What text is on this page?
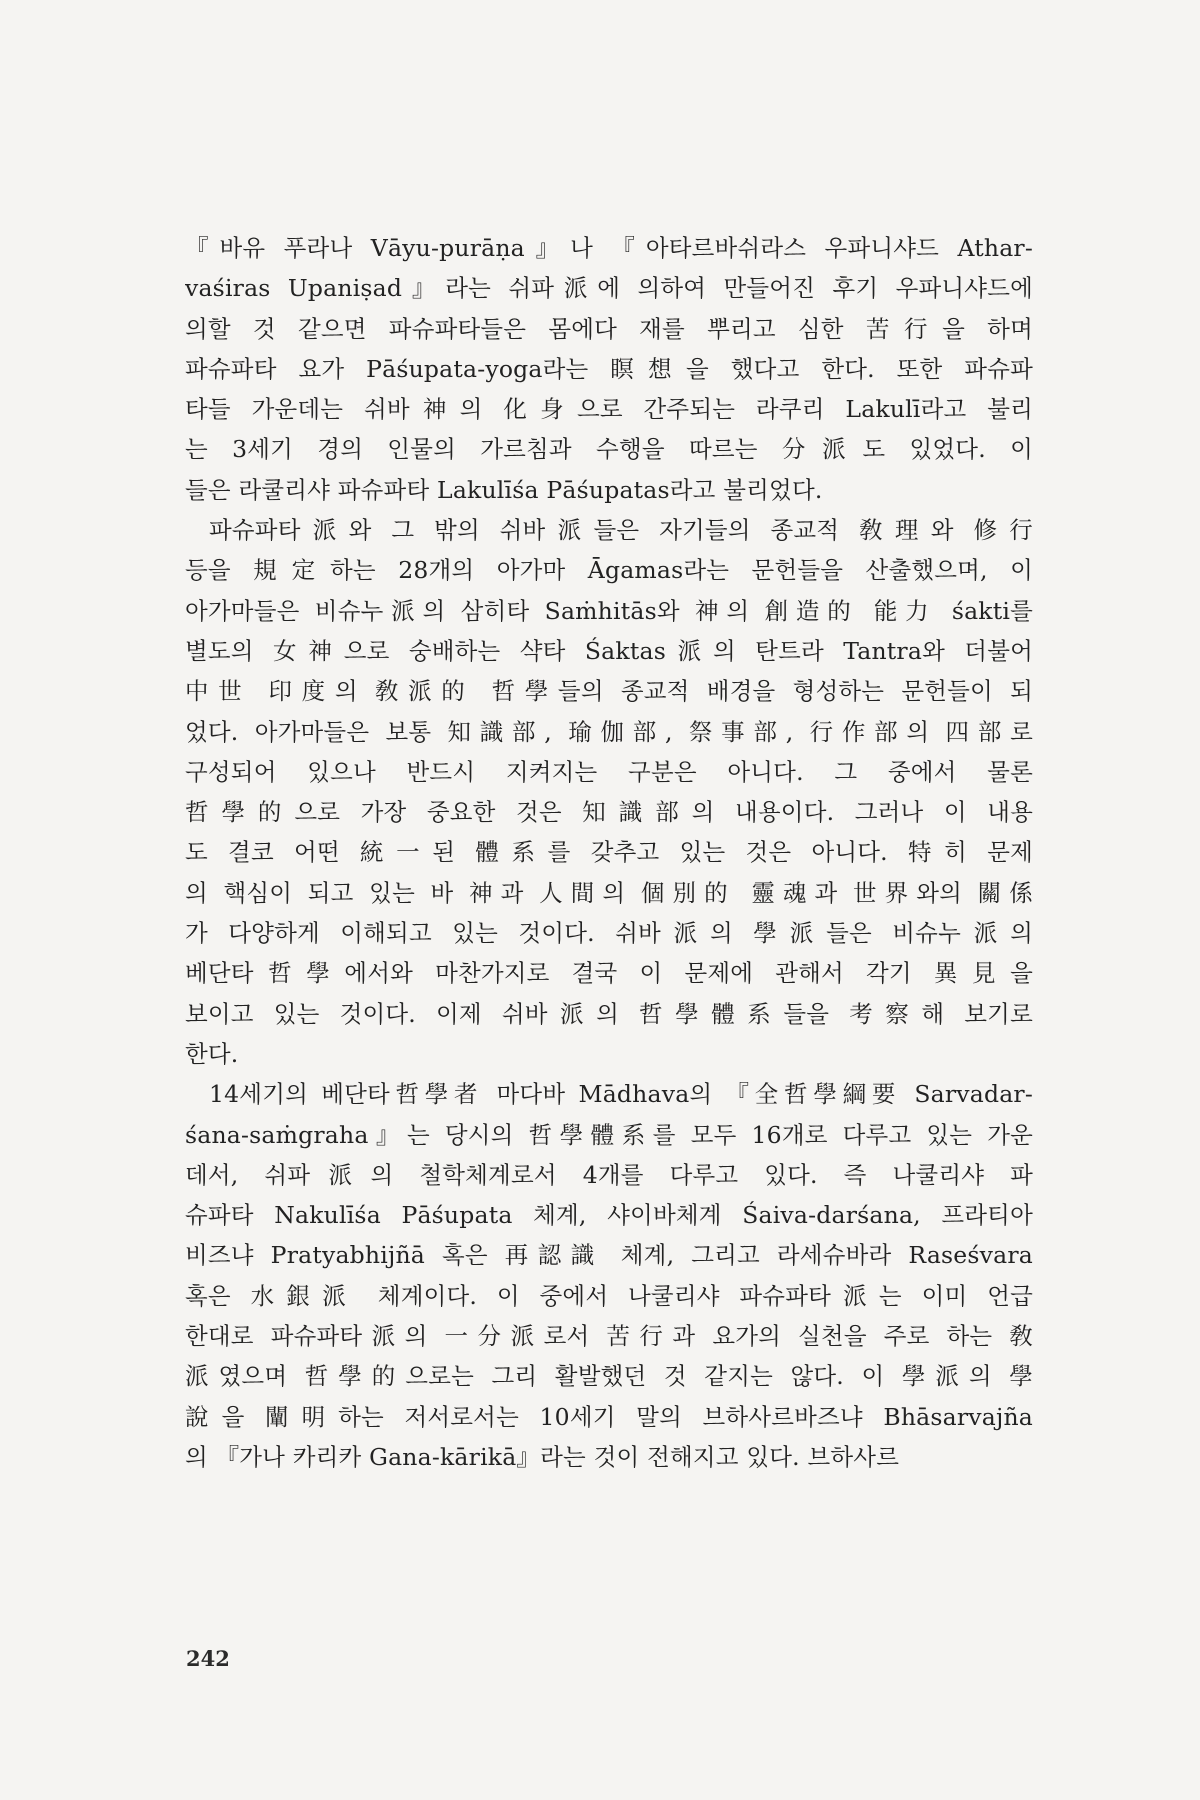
『바유 푸라나 Vāyu-purāṇa』나 『아타르바쉬라스 우파니샤드 Athar-
vaśiras Upaniṣad』라는 쉬파派에 의하여 만들어진 후기 우파니샤드에
의할 것 같으면 파슈파타들은 몸에다 재를 뿌리고 심한 苦行을 하며
파슈파타 요가 Pāśupata-yoga라는 瞑想을 했다고 한다. 또한 파슈파
타들 가운데는 쉬바神의 化身으로 간주되는 라쿠리 Lakulī라고 불리
는 3세기 경의 인물의 가르침과 수행을 따르는 分派도 있었다. 이
들은 라쿨리샤 파슈파타 Lakulīśa Pāśupatas라고 불리었다.
파슈파타派와 그 밖의 쉬바派들은 자기들의 종교적 敎理와 修行
등을 規定하는 28개의 아가마 Āgamas라는 문헌들을 산출했으며, 이
아가마들은 비슈누派의 삼히타 Saṁhitās와 神의 創造的 能力 śakti를
별도의 女神으로 숭배하는 샥타 Śaktas派의 탄트라 Tantra와 더불어
中世 印度의 敎派的 哲學들의 종교적 배경을 형성하는 문헌들이 되
었다. 아가마들은 보통 知識部, 瑜伽部, 祭事部, 行作部의 四部로
구성되어 있으나 반드시 지켜지는 구분은 아니다. 그 중에서 물론
哲學的으로 가장 중요한 것은 知識部의 내용이다. 그러나 이 내용
도 결코 어떤 統一된 體系를 갖추고 있는 것은 아니다. 特히 문제
의 핵심이 되고 있는 바 神과 人間의 個別的 靈魂과 世界와의 關係
가 다양하게 이해되고 있는 것이다. 쉬바派의 學派들은 비슈누派의
베단타哲學에서와 마찬가지로 결국 이 문제에 관해서 각기 異見을
보이고 있는 것이다. 이제 쉬바派의 哲學體系들을 考察해 보기로
한다.
14세기의 베단타哲學者 마다바 Mādhava의 『全哲學綱要 Sarvadar-
śana-saṁgraha』는 당시의 哲學體系를 모두 16개로 다루고 있는 가운
데서, 쉬파派의 철학체계로서 4개를 다루고 있다. 즉 나쿨리샤 파
슈파타 Nakulīśa Pāśupata 체계, 샤이바체계 Śaiva-darśana, 프라티아
비즈냐 Pratyabhijñā 혹은 再認識 체계, 그리고 라세슈바라 Raseśvara
혹은 水銀派 체계이다. 이 중에서 나쿨리샤 파슈파타派는 이미 언급
한대로 파슈파타派의 一分派로서 苦行과 요가의 실천을 주로 하는 敎
派였으며 哲學的으로는 그리 활발했던 것 같지는 않다. 이 學派의 學
說을 闡明하는 저서로서는 10세기 말의 브하사르바즈냐 Bhāsarvajña
의 『가나 카리카 Gana-kārikā』라는 것이 전해지고 있다. 브하사르
242
